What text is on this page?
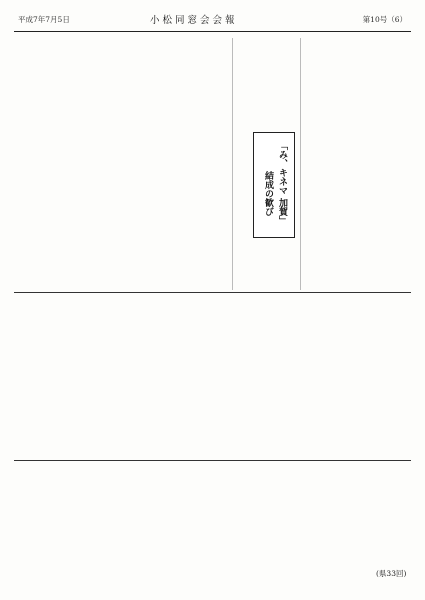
平成7年7月5日	小松同窓会会報	第10号（6）
「み、キネマ 加賀」
結成の歓び
(県33回)
